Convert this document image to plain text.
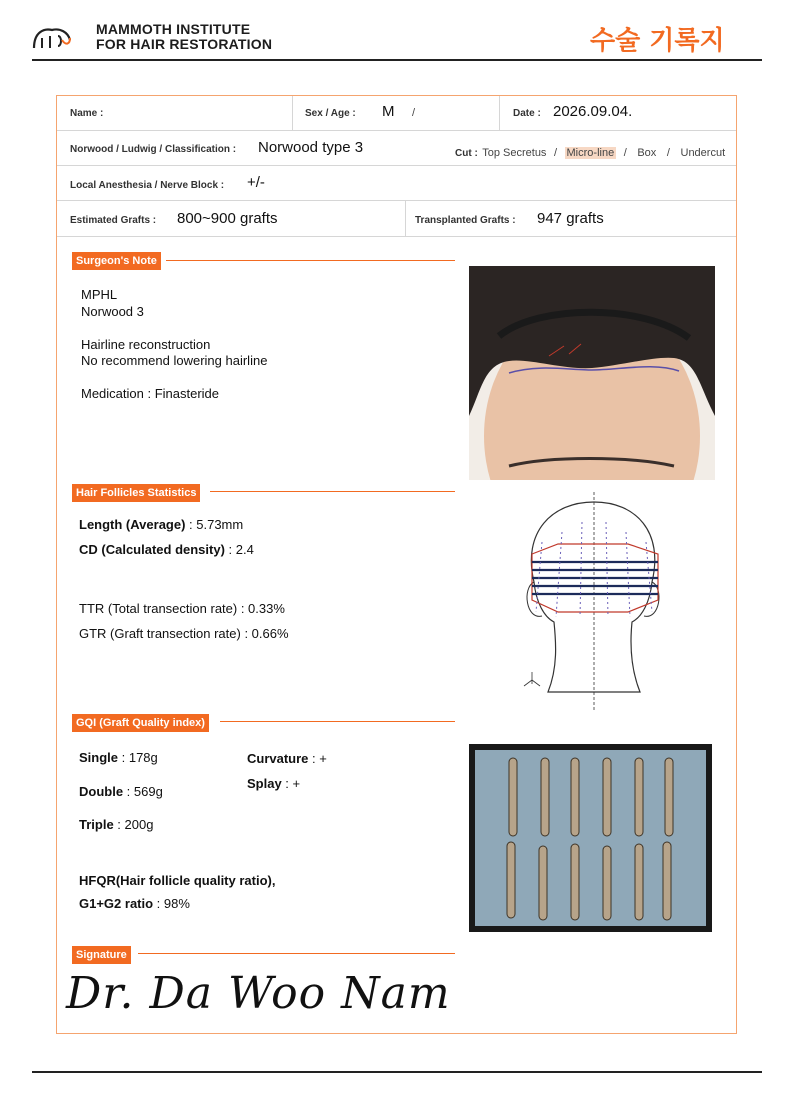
MAMMOTH INSTITUTE
FOR HAIR RESTORATION	수술 기록지
Name :	Sex / Age : M /	Date : 2026.09.04.
Norwood / Ludwig / Classification : Norwood type 3	Cut : Top Secretus  /  Micro-line  /   Box   /   Undercut
Local Anesthesia / Nerve Block : +/-
Estimated Grafts : 800~900 grafts	Transplanted Grafts : 947 grafts
Surgeon's Note
MPHL
Norwood 3
Hairline reconstruction
No recommend lowering hairline
Medication : Finasteride
Hair Follicles Statistics
Length (Average) : 5.73mm
CD (Calculated density) : 2.4
TTR (Total transection rate) : 0.33%
GTR (Graft transection rate) : 0.66%
GQI (Graft Quality index)
Single : 178g
Double : 569g
Triple : 200g
Curvature : +
Splay : +
HFQR(Hair follicle quality ratio),
G1+G2 ratio : 98%
Signature
Dr. Da Woo Nam
